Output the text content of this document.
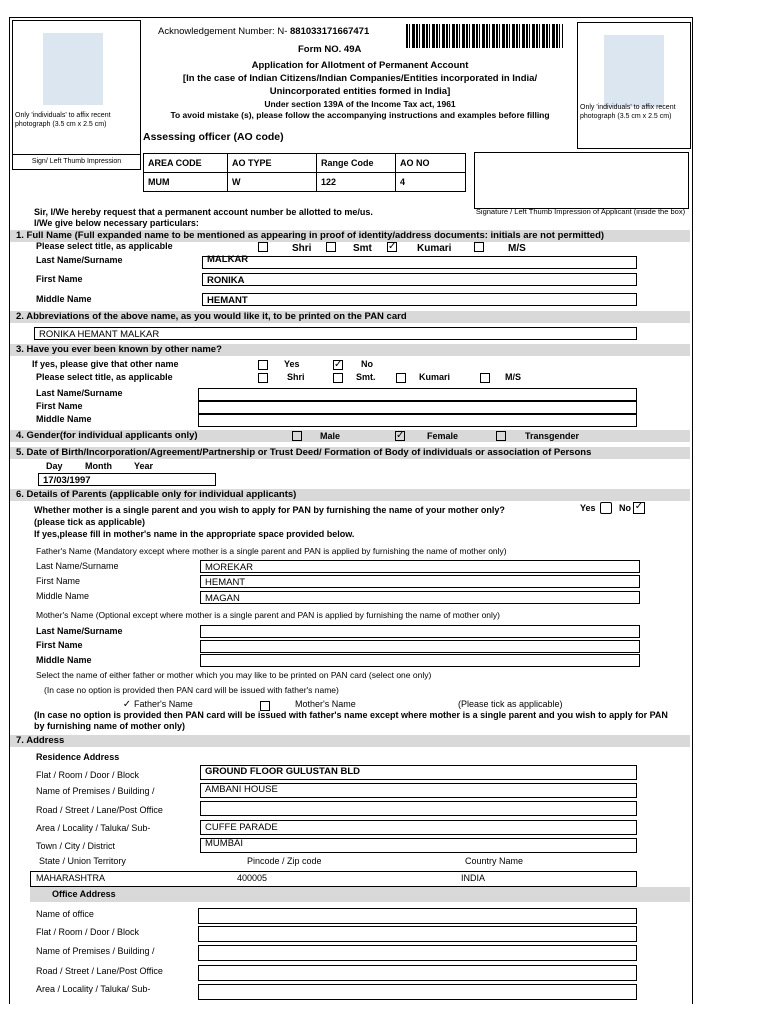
Only 'individuals' to affix recent photograph (3.5 cm x 2.5 cm)
Sign/ Left Thumb Impression
Acknowledgement Number: N- 881033171667471
Form NO. 49A
Application for Allotment of Permanent Account
[In the case of Indian Citizens/Indian Companies/Entities incorporated in India/
Unincorporated entities formed in India]
Under section 139A of the Income Tax act, 1961
To avoid mistake (s), please follow the accompanying instructions and examples before filling
Assessing officer (AO code)
AREA CODE	AO TYPE	Range Code	AO NO
MUM	W	122	4
Only 'individuals' to affix recent photograph (3.5 cm x 2.5 cm)
Signature / Left Thumb Impression of Applicant (inside the box)
Sir, I/We hereby request that a permanent account number be allotted to me/us.
I/We give below necessary particulars:
1. Full Name (Full expanded name to be mentioned as appearing in proof of identity/address documents: initials are not permitted)
Please select title, as applicable	Shri	Smt ✓ Kumari	M/S
Last Name/Surname	MALKAR
First Name	RONIKA
Middle Name	HEMANT
2. Abbreviations of the above name, as you would like it, to be printed on the PAN card
RONIKA HEMANT MALKAR
3. Have you ever been known by other name?
If yes, please give that other name	Yes	✓ No
Please select title, as applicable	Shri	Smt.	Kumari	M/S
Last Name/Surname
First Name
Middle Name
4. Gender(for individual applicants only)	Male	✓	Female	Transgender
5. Date of Birth/Incorporation/Agreement/Partnership or Trust Deed/ Formation of Body of individuals or association of Persons
Day Month Year
17/03/1997
6. Details of Parents (applicable only for individual applicants)
Whether mother is a single parent and you wish to apply for PAN by furnishing the name of your mother only?	Yes	No ✓
(please tick as applicable)
If yes,please fill in mother's name in the appropriate space provided below.
Father's Name (Mandatory except where mother is a single parent and PAN is applied by furnishing the name of mother only)
Last Name/Surname	MOREKAR
First Name	HEMANT
Middle Name	MAGAN
Mother's Name (Optional except where mother is a single parent and PAN is applied by furnishing the name of mother only)
Last Name/Surname
First Name
Middle Name
Select the name of either father or mother which you may like to be printed on PAN card (select one only)
(In case no option is provided then PAN card will be issued with father's name)
✓ Father's Name	Mother's Name	(Please tick as applicable)
(In case no option is provided then PAN card will be issued with father's name except where mother is a single parent and you wish to apply for PAN by furnishing name of mother only)
7. Address
Residence Address
Flat / Room / Door / Block	GROUND FLOOR GULUSTAN BLD
Name of Premises / Building /	AMBANI HOUSE
Road / Street / Lane/Post Office
Area / Locality / Taluka/ Sub-	CUFFE PARADE
Town / City / District	MUMBAI
State / Union Territory	Pincode / Zip code	Country Name
MAHARASHTRA	400005	INDIA
Office Address
Name of office
Flat / Room / Door / Block
Name of Premises / Building /
Road / Street / Lane/Post Office
Area / Locality / Taluka/ Sub-
